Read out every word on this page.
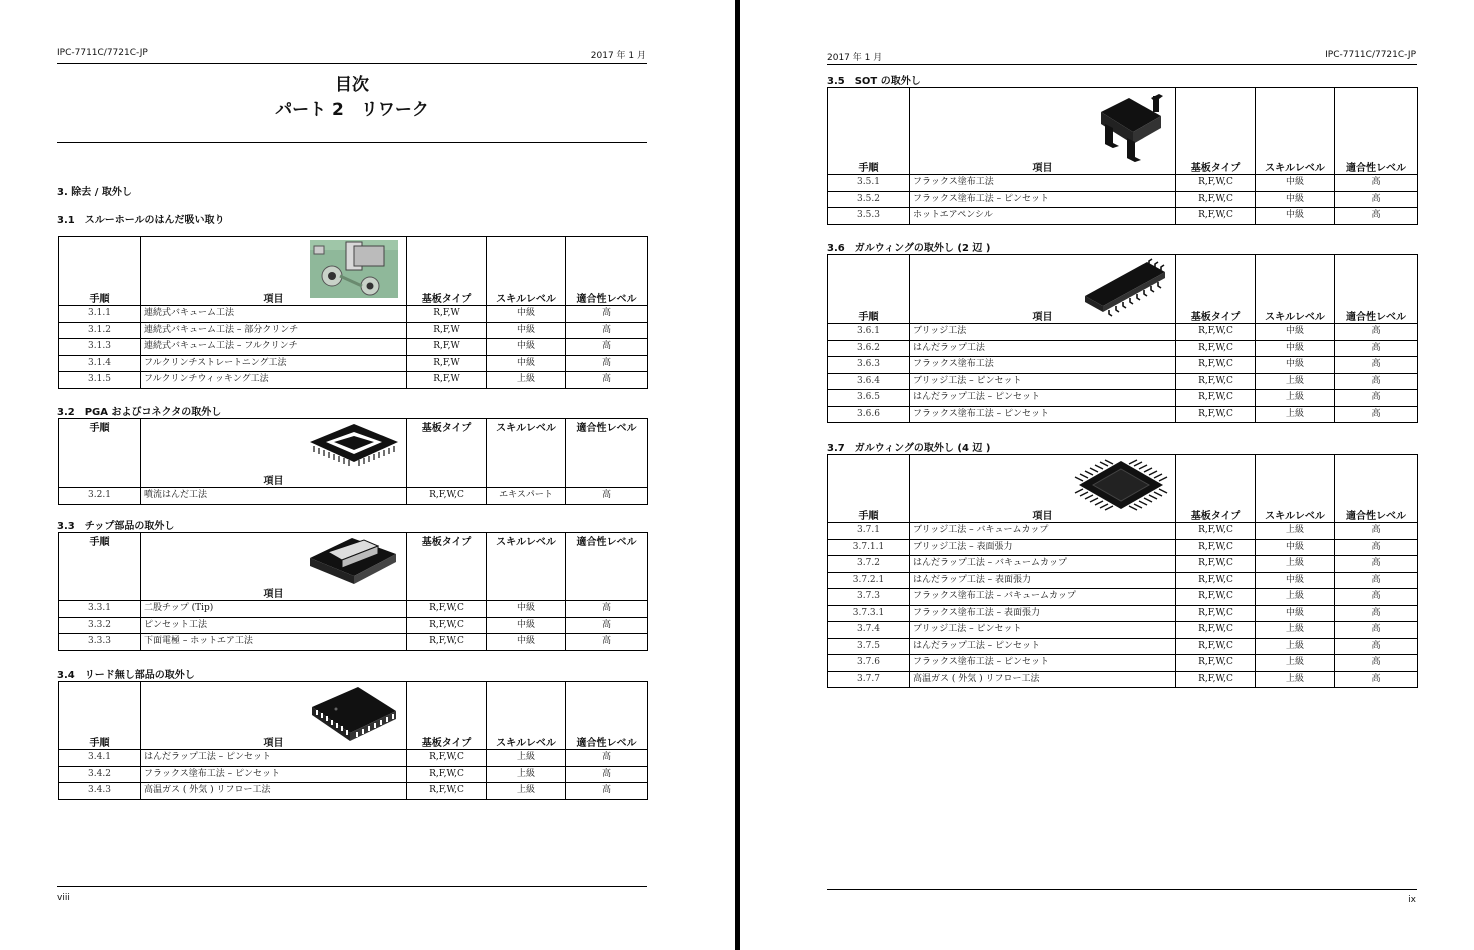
IPC-7711C/7721C-JP	2017 年 1 月
目次
パート 2　リワーク
3. 除去 / 取外し
3.1　スルーホールのはんだ吸い取り
手順	項目	基板タイプ	スキルレベル	適合性レベル
3.1.1	連続式バキューム工法	R,F,W	中級	高
3.1.2	連続式バキューム工法 – 部分クリンチ	R,F,W	中級	高
3.1.3	連続式バキューム工法 – フルクリンチ	R,F,W	中級	高
3.1.4	フルクリンチストレートニング工法	R,F,W	中級	高
3.1.5	フルクリンチウィッキング工法	R,F,W	上級	高
3.2　PGA およびコネクタの取外し
手順	項目	基板タイプ	スキルレベル	適合性レベル
3.2.1	噴流はんだ工法	R,F,W,C	エキスパート	高
3.3　チップ部品の取外し
手順	項目	基板タイプ	スキルレベル	適合性レベル
3.3.1	二股チップ (Tip)	R,F,W,C	中級	高
3.3.2	ピンセット工法	R,F,W,C	中級	高
3.3.3	下面電極 – ホットエア工法	R,F,W,C	中級	高
3.4　リード無し部品の取外し
手順	項目	基板タイプ	スキルレベル	適合性レベル
3.4.1	はんだラップ工法 – ピンセット	R,F,W,C	上級	高
3.4.2	フラックス塗布工法 – ピンセット	R,F,W,C	上級	高
3.4.3	高温ガス ( 外気 ) リフロー工法	R,F,W,C	上級	高
viii
2017 年 1 月	IPC-7711C/7721C-JP
3.5　SOT の取外し
手順	項目	基板タイプ	スキルレベル	適合性レベル
3.5.1	フラックス塗布工法	R,F,W,C	中級	高
3.5.2	フラックス塗布工法 – ピンセット	R,F,W,C	中級	高
3.5.3	ホットエアペンシル	R,F,W,C	中級	高
3.6　ガルウィングの取外し (2 辺 )
手順	項目	基板タイプ	スキルレベル	適合性レベル
3.6.1	ブリッジ工法	R,F,W,C	中級	高
3.6.2	はんだラップ工法	R,F,W,C	中級	高
3.6.3	フラックス塗布工法	R,F,W,C	中級	高
3.6.4	ブリッジ工法 – ピンセット	R,F,W,C	上級	高
3.6.5	はんだラップ工法 – ピンセット	R,F,W,C	上級	高
3.6.6	フラックス塗布工法 – ピンセット	R,F,W,C	上級	高
3.7　ガルウィングの取外し (4 辺 )
手順	項目	基板タイプ	スキルレベル	適合性レベル
3.7.1	ブリッジ工法 – バキュームカップ	R,F,W,C	上級	高
3.7.1.1	ブリッジ工法 – 表面張力	R,F,W,C	中級	高
3.7.2	はんだラップ工法 – バキュームカップ	R,F,W,C	上級	高
3.7.2.1	はんだラップ工法 – 表面張力	R,F,W,C	中級	高
3.7.3	フラックス塗布工法 – バキュームカップ	R,F,W,C	上級	高
3.7.3.1	フラックス塗布工法 – 表面張力	R,F,W,C	中級	高
3.7.4	ブリッジ工法 – ピンセット	R,F,W,C	上級	高
3.7.5	はんだラップ工法 – ピンセット	R,F,W,C	上級	高
3.7.6	フラックス塗布工法 – ピンセット	R,F,W,C	上級	高
3.7.7	高温ガス ( 外気 ) リフロー工法	R,F,W,C	上級	高
ix
